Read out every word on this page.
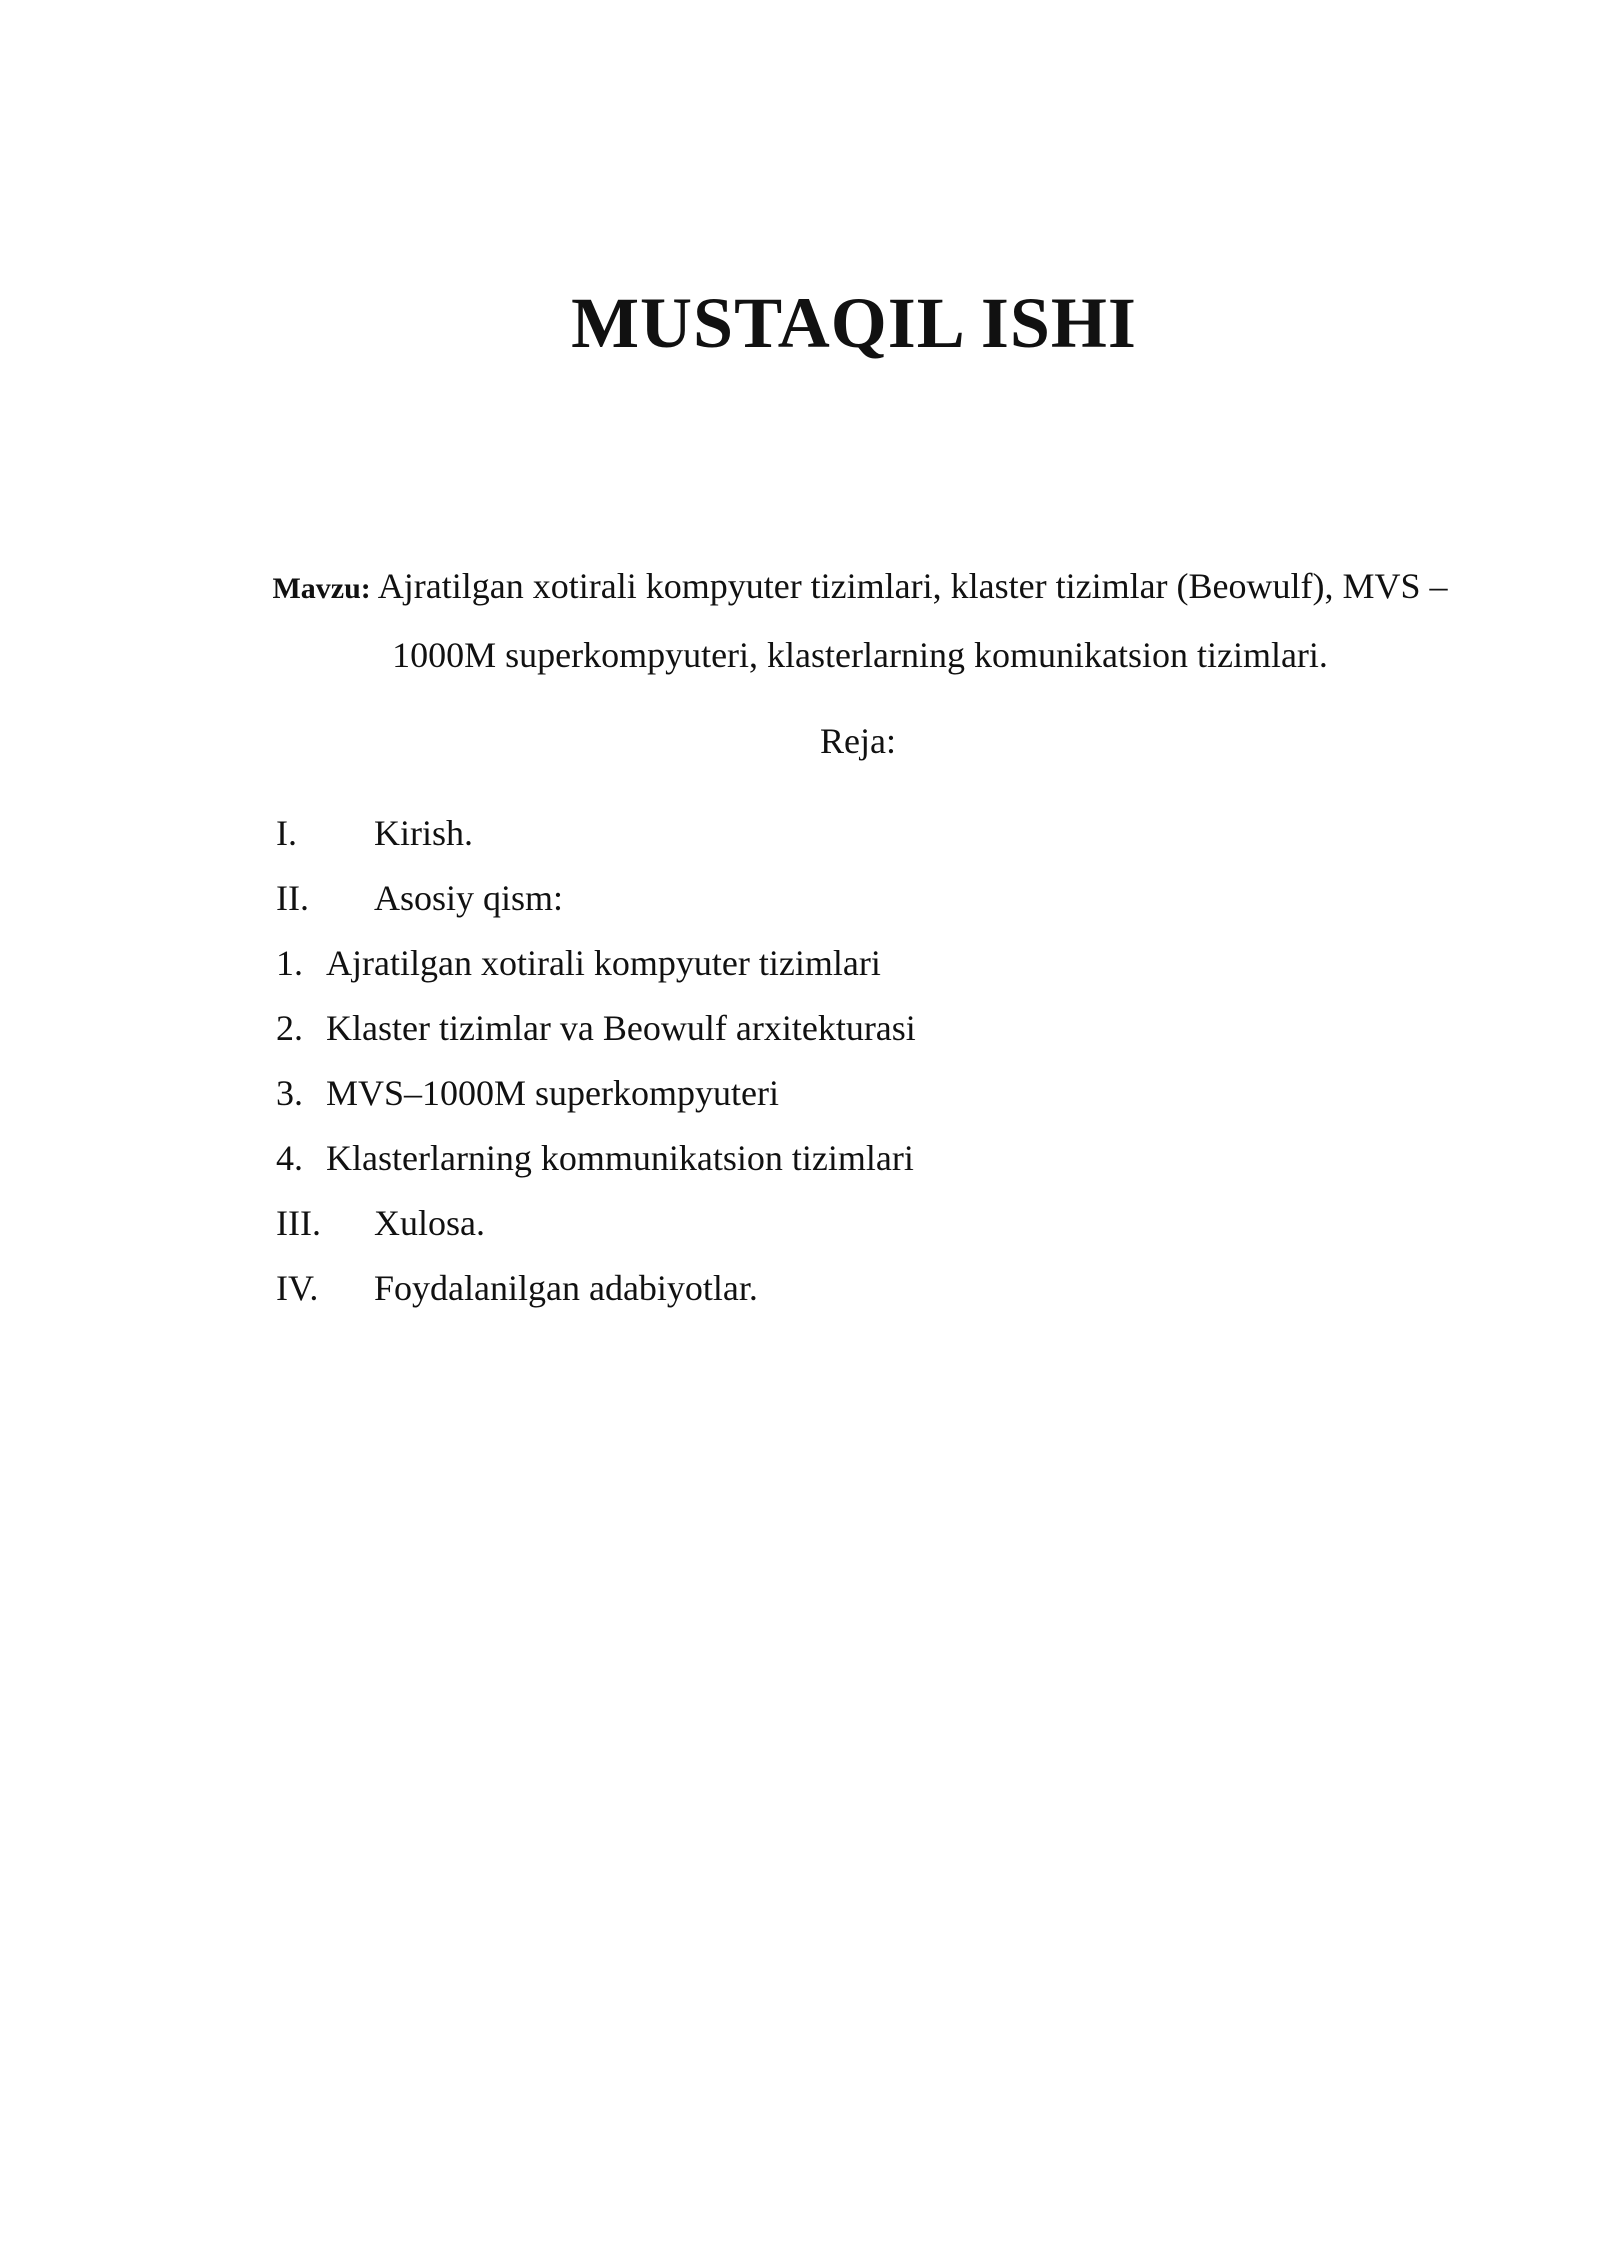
MUSTAQIL ISHI
Mavzu: Ajratilgan xotirali kompyuter tizimlari, klaster tizimlar (Beowulf), MVS – 1000M superkompyuteri, klasterlarning komunikatsion tizimlari.
Reja:
I. Kirish.
II. Asosiy qism:
1. Ajratilgan xotirali kompyuter tizimlari
2. Klaster tizimlar va Beowulf arxitekturasi
3. MVS–1000M superkompyuteri
4. Klasterlarning kommunikatsion tizimlari
III. Xulosa.
IV. Foydalanilgan adabiyotlar.
